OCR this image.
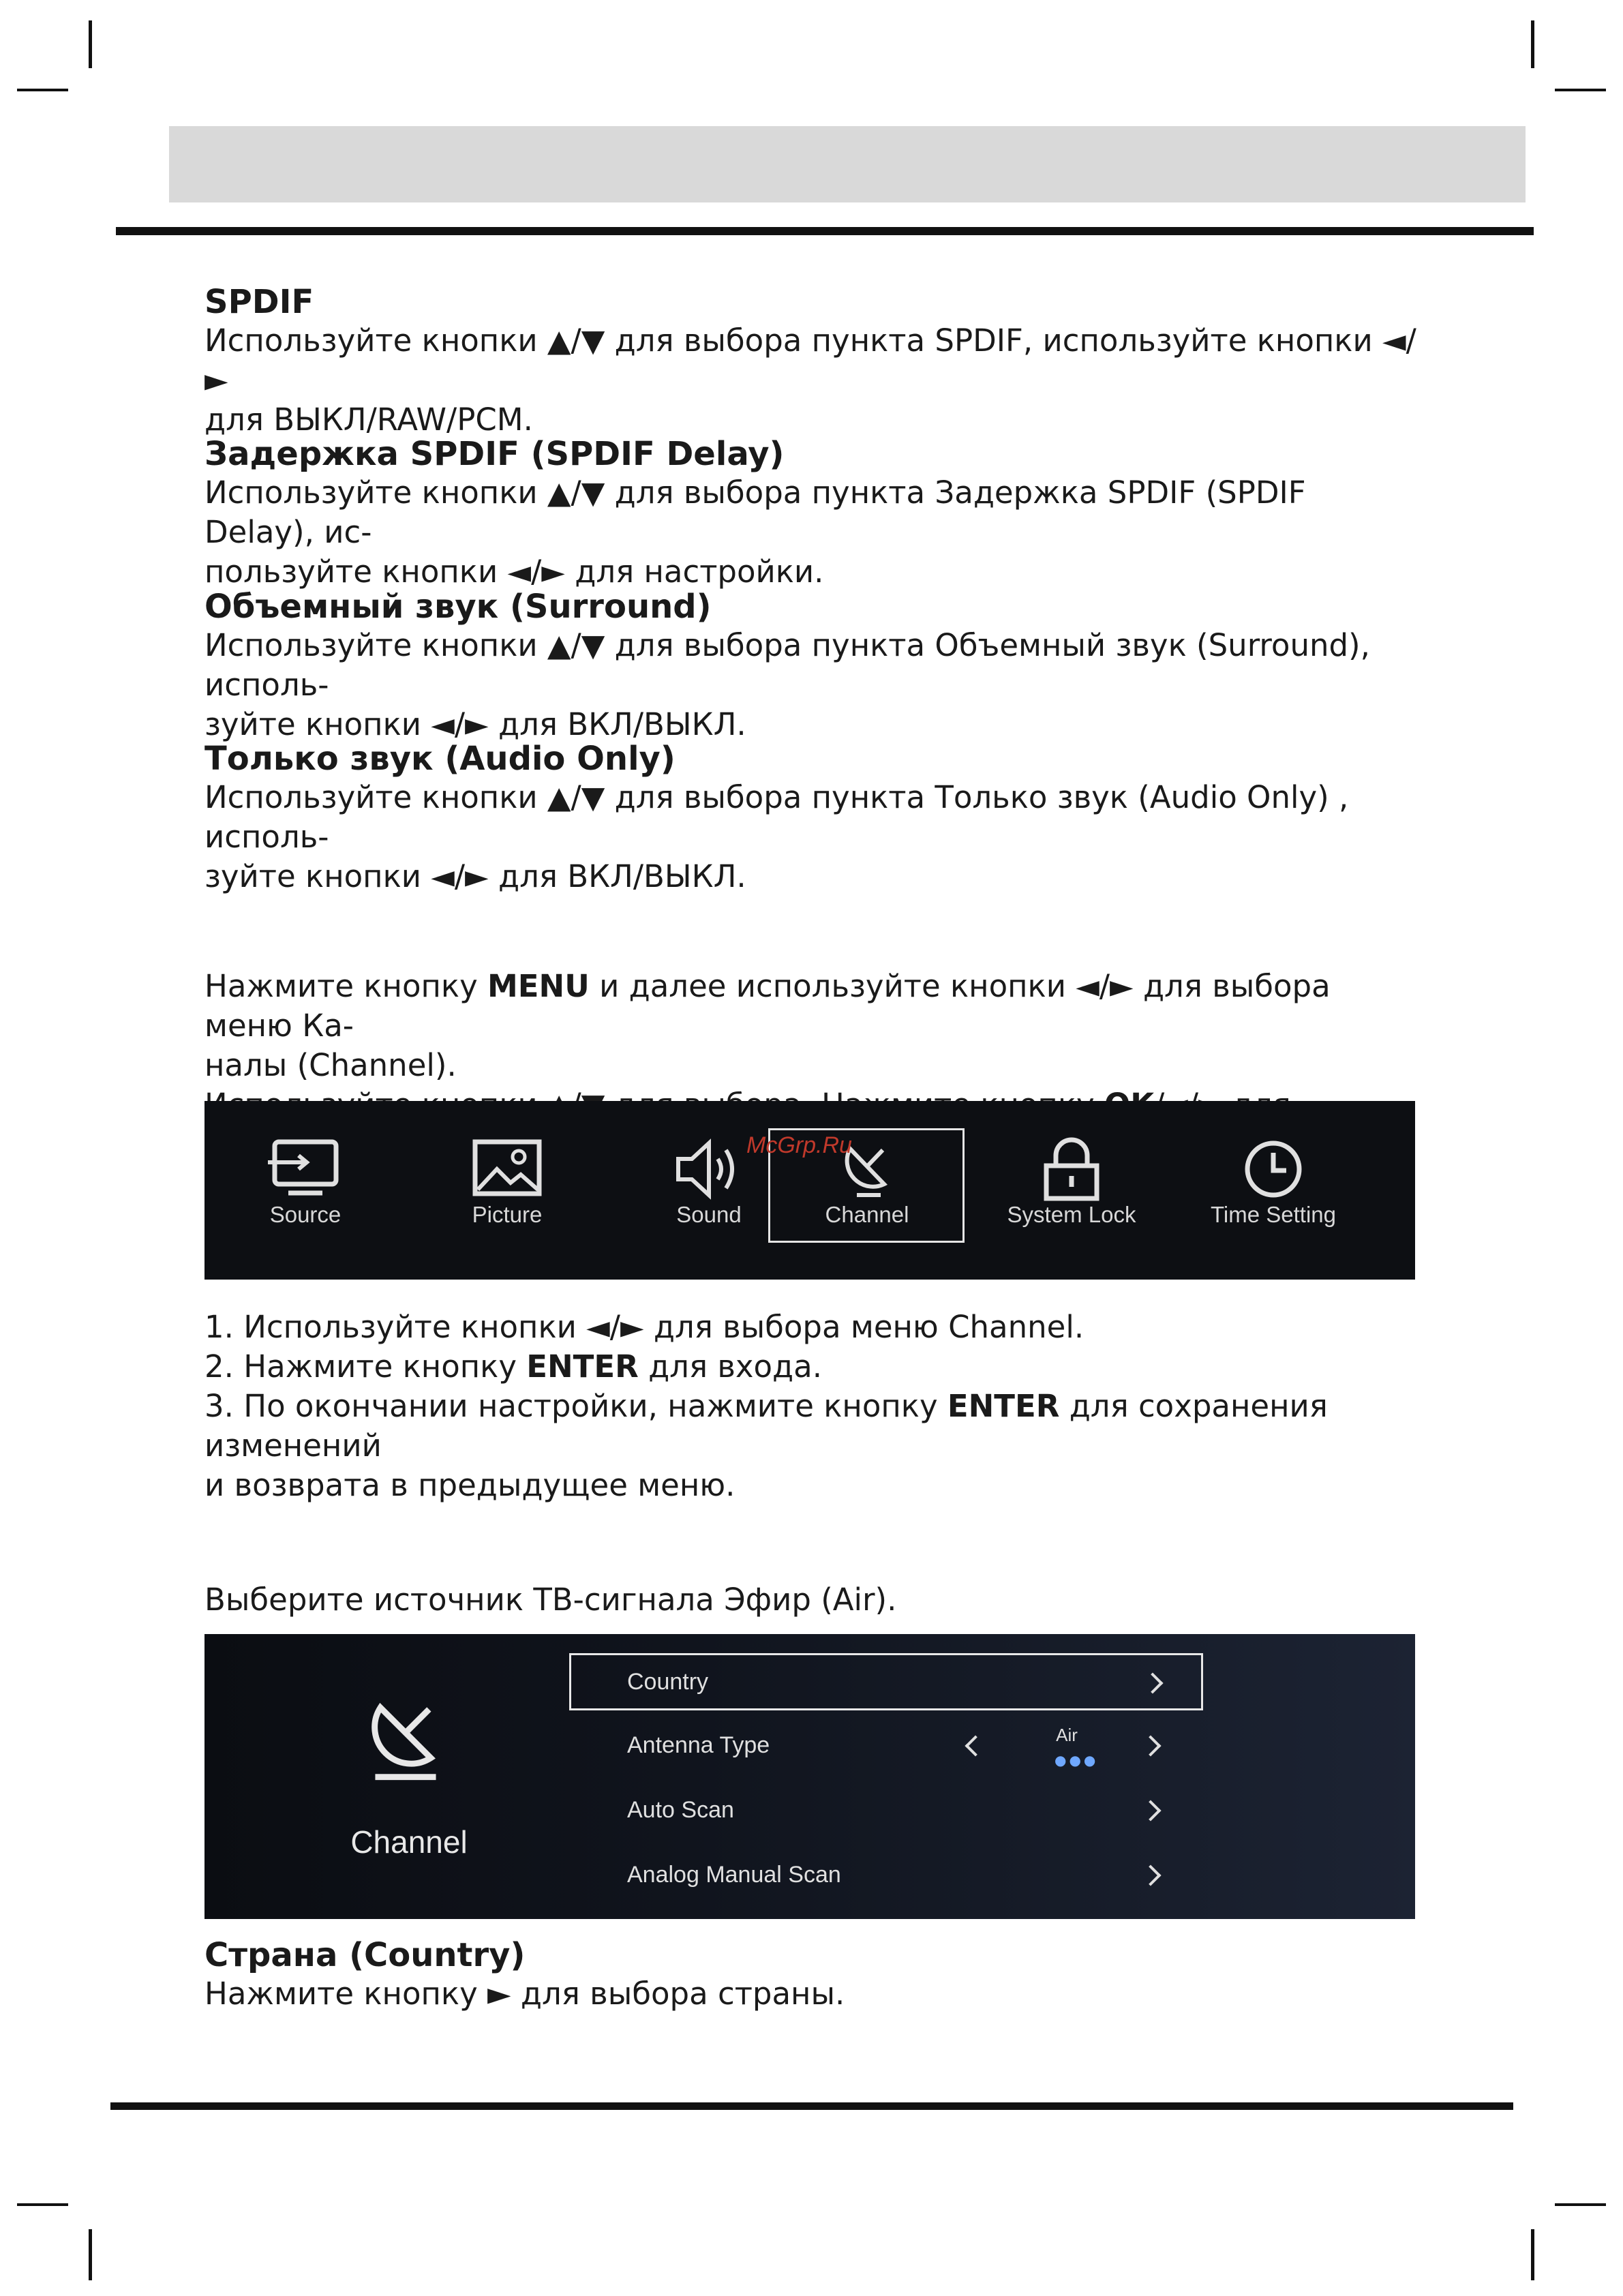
SPDIF

Используйте кнопки ▲/▼ для выбора пункта SPDIF, используйте кнопки ◄/►

для ВЫКЛ/RAW/PCM.

Задержка SPDIF (SPDIF Delay)

Используйте кнопки ▲/▼ для выбора пункта Задержка SPDIF (SPDIF Delay), ис-

пользуйте кнопки ◄/► для настройки.

Объемный звук (Surround)

Используйте кнопки ▲/▼ для выбора пункта Объемный звук (Surround), исполь-

зуйте кнопки ◄/► для ВКЛ/ВЫКЛ.

Только звук (Audio Only)

Используйте кнопки ▲/▼ для выбора пункта Только звук (Audio Only) , исполь-

зуйте кнопки ◄/► для ВКЛ/ВЫКЛ.

Нажмите кнопку MENU и далее используйте кнопки ◄/► для выбора меню Ка-

налы (Channel).

Source	Picture	Sound	Channel	System Lock	Time Setting
McGrp.Ru

1. Используйте кнопки ◄/► для выбора меню Channel.

2. Нажмите кнопку ENTER для входа.

3. По окончании настройки, нажмите кнопку ENTER для сохранения изменений

и возврата в предыдущее меню.

Выберите источник ТВ-сигнала Эфир (Air).
Channel
Country
Antenna Type	Air
●●●
Auto Scan
Analog Manual Scan

Страна (Country)

Нажмите кнопку ► для выбора страны.
